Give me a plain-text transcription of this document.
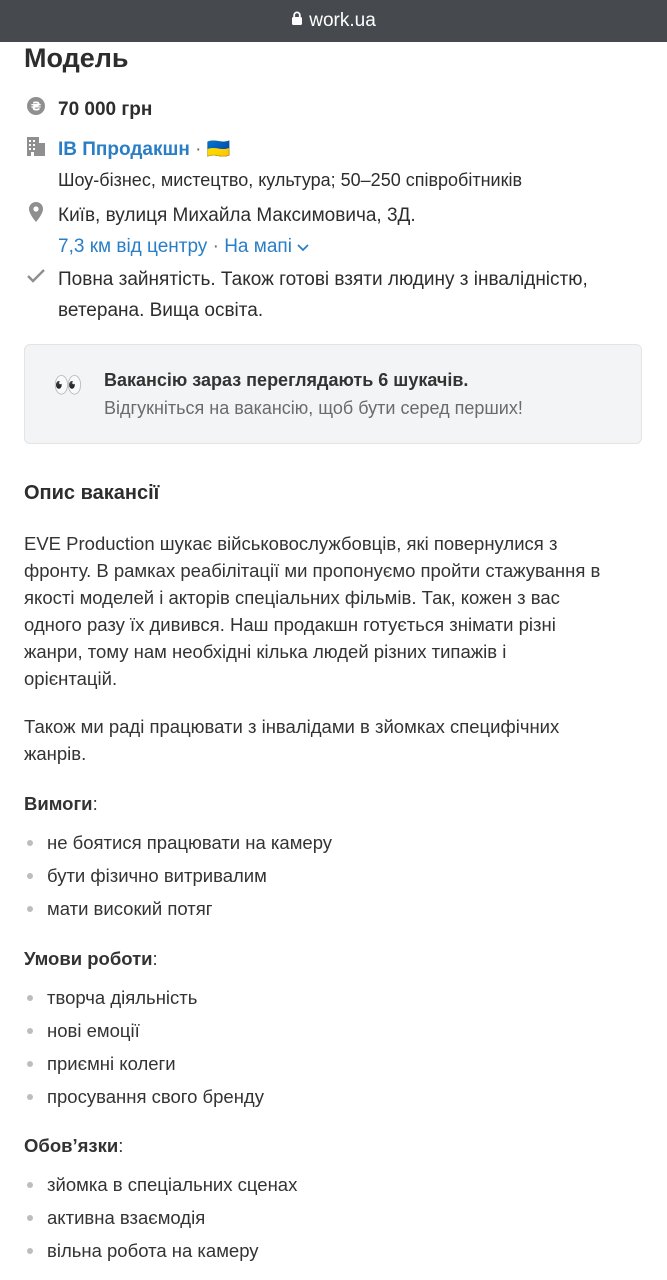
work.ua
Модель
₴ 70 000 грн
ІВ Ппродакшн · 🇺🇦
Шоу-бізнес, мистецтво, культура; 50–250 співробітників
Київ, вулиця Михайла Максимовича, 3Д.
7,3 км від центру · На мапі
Повна зайнятість. Також готові взяти людину з інвалідністю,
ветерана. Вища освіта.
👀 Вакансію зараз переглядають 6 шукачів.
Відгукніться на вакансію, щоб бути серед перших!
Опис вакансії
EVE Production шукає військовослужбовців, які повернулися з
фронту. В рамках реабілітації ми пропонуємо пройти стажування в
якості моделей і акторів спеціальних фільмів. Так, кожен з вас
одного разу їх дивився. Наш продакшн готується знімати різні
жанри, тому нам необхідні кілька людей різних типажів і
орієнтацій.
Також ми раді працювати з інвалідами в зйомках специфічних
жанрів.
Вимоги:
не боятися працювати на камеру
бути фізично витривалим
мати високий потяг
Умови роботи:
творча діяльність
нові емоції
приємні колеги
просування свого бренду
Обов’язки:
зйомка в спеціальних сценах
активна взаємодія
вільна робота на камеру
